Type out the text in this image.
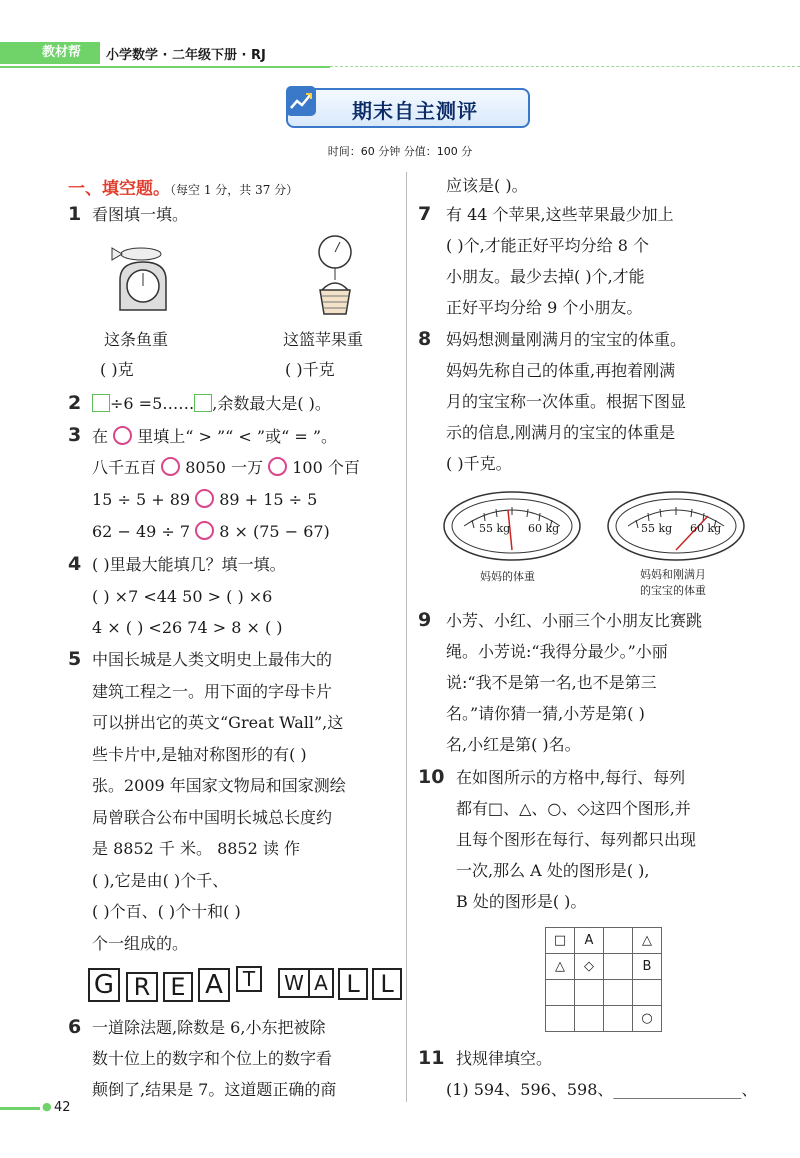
教材帮	小学数学 · 二年级下册 · RJ
期末自主测评
时间：60 分钟 分值：100 分
一、填空题。（每空 1 分，共 37 分）
1 看图填一填。
这条鱼重
( )克
这篮苹果重
( )千克
2	÷6 =5…… ,余数最大是( )。
3 在 里填上“ > ”“ < ”或“ = ”。
八千五百 8050 一万 100 个百
15 ÷ 5 + 89 89 + 15 ÷ 5
62 − 49 ÷ 7 8 × (75 − 67)
4 ( )里最大能填几？填一填。
( ) ×7 <44 50 > ( ) ×6
4 × ( ) <26 74 > 8 × ( )
5 中国长城是人类文明史上最伟大的
建筑工程之一。用下面的字母卡片
可以拼出它的英文“Great Wall”,这
些卡片中,是轴对称图形的有( )
张。2009 年国家文物局和国家测绘
局曾联合公布中国明长城总长度约
是 8852 千 米。 8852 读 作
( ),它是由( )个千、
( )个百、( )个十和( )
个一组成的。
G R E A	T	W A L L
6 一道除法题,除数是 6,小东把被除
数十位上的数字和个位上的数字看
颠倒了,结果是 7。这道题正确的商
应该是( )。
7 有 44 个苹果,这些苹果最少加上
( )个,才能正好平均分给 8 个
小朋友。最少去掉( )个,才能
正好平均分给 9 个小朋友。
8 妈妈想测量刚满月的宝宝的体重。
妈妈先称自己的体重,再抱着刚满
月的宝宝称一次体重。根据下图显
示的信息,刚满月的宝宝的体重是
( )千克。
55 kg 60 kg
妈妈的体重
55 kg 60 kg
妈妈和刚满月
的宝宝的体重
9 小芳、小红、小丽三个小朋友比赛跳
绳。小芳说:“我得分最少。”小丽
说:“我不是第一名,也不是第三
名。”请你猜一猜,小芳是第( )
名,小红是第( )名。
10 在如图所示的方格中,每行、每列
都有□、△、○、◇这四个图形,并
且每个图形在每行、每列都只出现
一次,那么 A 处的图形是( ),
B 处的图形是( )。
□	A		△
△	◇		B

			○
11 找规律填空。
(1) 594、596、598、________________、
● 42
